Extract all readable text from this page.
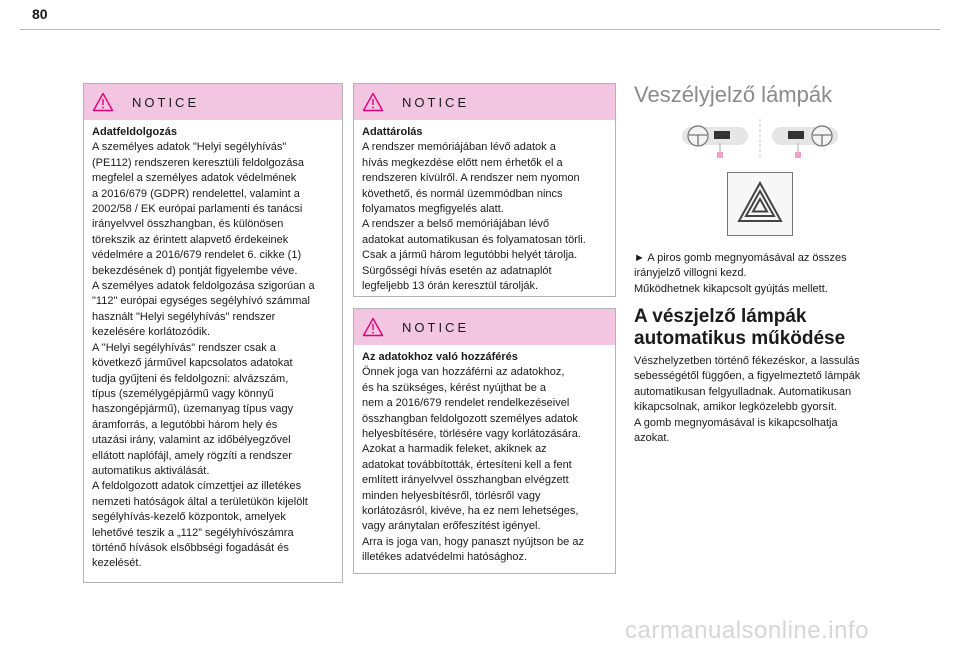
80
NOTICE
Adatfeldolgozás
A személyes adatok "Helyi segélyhívás"
(PE112) rendszeren keresztüli feldolgozása
megfelel a személyes adatok védelmének
a 2016/679 (GDPR) rendelettel, valamint a
2002/58 / EK európai parlamenti és tanácsi
irányelvvel összhangban, és különösen
törekszik az érintett alapvető érdekeinek
védelmére a 2016/679 rendelet 6. cikke (1)
bekezdésének d) pontját figyelembe véve.
A személyes adatok feldolgozása szigorúan a
"112" európai egységes segélyhívó számmal
használt "Helyi segélyhívás" rendszer
kezelésére korlátozódik.
A "Helyi segélyhívás" rendszer csak a
következő járművel kapcsolatos adatokat
tudja gyűjteni és feldolgozni: alvázszám,
típus (személygépjármű vagy könnyű
haszongépjármű), üzemanyag típus vagy
áramforrás, a legutóbbi három hely és
utazási irány, valamint az időbélyegzővel
ellátott naplófájl, amely rögzíti a rendszer
automatikus aktiválását.
A feldolgozott adatok címzettjei az illetékes
nemzeti hatóságok által a területükön kijelölt
segélyhívás-kezelő központok, amelyek
lehetővé teszik a „112” segélyhívószámra
történő hívások elsőbbségi fogadását és
kezelését.
NOTICE
Adattárolás
A rendszer memóriájában lévő adatok a
hívás megkezdése előtt nem érhetők el a
rendszeren kívülről. A rendszer nem nyomon
követhető, és normál üzemmódban nincs
folyamatos megfigyelés alatt.
A rendszer a belső memóriájában lévő
adatokat automatikusan és folyamatosan törli.
Csak a jármű három legutóbbi helyét tárolja.
Sürgősségi hívás esetén az adatnaplót
legfeljebb 13 órán keresztül tárolják.
NOTICE
Az adatokhoz való hozzáférés
Önnek joga van hozzáférni az adatokhoz,
és ha szükséges, kérést nyújthat be a
nem a 2016/679 rendelet rendelkezéseivel
összhangban feldolgozott személyes adatok
helyesbítésére, törlésére vagy korlátozására.
Azokat a harmadik feleket, akiknek az
adatokat továbbították, értesíteni kell a fent
említett irányelvvel összhangban elvégzett
minden helyesbítésről, törlésről vagy
korlátozásról, kivéve, ha ez nem lehetséges,
vagy aránytalan erőfeszítést igényel.
Arra is joga van, hogy panaszt nyújtson be az
illetékes adatvédelmi hatósághoz.
Veszélyjelző lámpák
► A piros gomb megnyomásával az összes
irányjelző villogni kezd.
Működhetnek kikapcsolt gyújtás mellett.
A vészjelző lámpák
automatikus működése
Vészhelyzetben történő fékezéskor, a lassulás
sebességétől függően, a figyelmeztető lámpák
automatikusan felgyulladnak. Automatikusan
kikapcsolnak, amikor legközelebb gyorsít.
A gomb megnyomásával is kikapcsolhatja
azokat.
carmanualsonline.info
